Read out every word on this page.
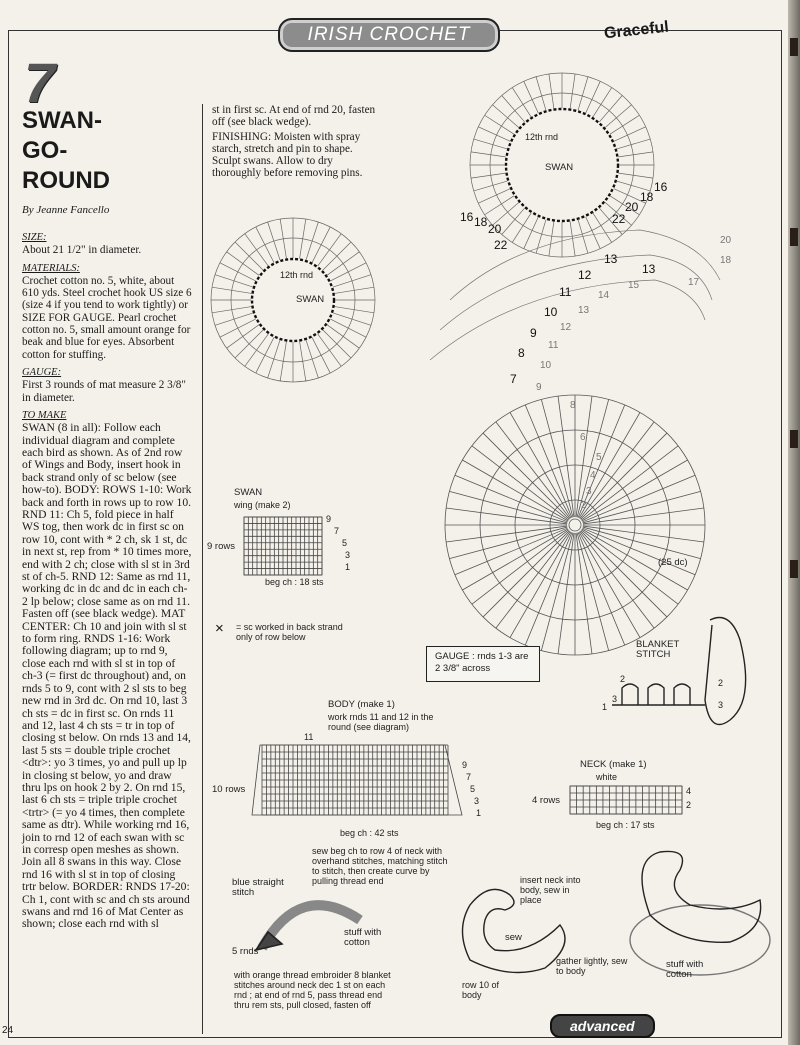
IRISH CROCHET	Graceful
7
SWAN-
GO-
ROUND
By Jeanne Fancello
SIZE:

About 21 1/2" in diameter.

MATERIALS:

Crochet cotton no. 5, white, about 610 yds. Steel crochet hook US size 6 (size 4 if you tend to work tightly) or SIZE FOR GAUGE. Pearl crochet cotton no. 5, small amount orange for beak and blue for eyes. Absorbent cotton for stuffing.

GAUGE:

First 3 rounds of mat measure 2 3/8" in diameter.

TO MAKE

SWAN (8 in all): Follow each individual diagram and complete each bird as shown. As of 2nd row of Wings and Body, insert hook in back strand only of sc below (see how-to). BODY: ROWS 1-10: Work back and forth in rows up to row 10. RND 11: Ch 5, fold piece in half WS tog, then work dc in first sc on row 10, cont with * 2 ch, sk 1 st, dc in next st, rep from * 10 times more, end with 2 ch; close with sl st in 3rd st of ch-5. RND 12: Same as rnd 11, working dc in dc and dc in each ch-2 lp below; close same as on rnd 11. Fasten off (see black wedge). MAT CENTER: Ch 10 and join with sl st to form ring. RNDS 1-16: Work following diagram; up to rnd 9, close each rnd with sl st in top of ch-3 (= first dc throughout) and, on rnds 5 to 9, cont with 2 sl sts to beg new rnd in 3rd dc. On rnd 10, last 3 ch sts = dc in first sc. On rnds 11 and 12, last 4 ch sts = tr in top of closing st below. On rnds 13 and 14, last 5 sts = double triple crochet <dtr>: yo 3 times, yo and pull up lp in closing st below, yo and draw thru lps on hook 2 by 2. On rnd 15, last 6 ch sts = triple triple crochet <trtr> (= yo 4 times, then complete same as dtr). While working rnd 16, join to rnd 12 of each swan with sc in corresp open meshes as shown. Join all 8 swans in this way. Close rnd 16 with sl st in top of closing trtr below. BORDER: RNDS 17-20: Ch 1, cont with sc and ch sts around swans and rnd 16 of Mat Center as shown; close each rnd with sl

st in first sc. At end of rnd 20, fasten off (see black wedge).

FINISHING: Moisten with spray starch, stretch and pin to shape. Sculpt swans. Allow to dry thoroughly before removing pins.

12th rnd
SWAN
12th rnd
SWAN
16 18 20
22
16
18
20
22
13
13
12
11
10
9
8
7
17
18
20
15
14
13
12
11
10
9
8
6
5
4
3
2
(25 dc)
SWAN
wing (make 2)
9 rows
beg ch : 18 sts
9
7
5
3
1
× = sc worked in back strand only of row below
GAUGE : rnds 1-3 are 2 3/8" across
BLANKET STITCH
2
3
1
2
3
BODY (make 1)
work rnds 11 and 12 in the round (see diagram)
10 rows
beg ch : 42 sts
11
9
7
5
3
1
NECK (make 1)
white
4 rows
beg ch : 17 sts
4
2
sew beg ch to row 4 of neck with overhand stitches, matching stitch to stitch, then create curve by pulling thread end
blue straight stitch
5 rnds
stuff with cotton
with orange thread embroider 8 blanket stitches around neck dec 1 st on each rnd ; at end of rnd 5, pass thread end thru rem sts, pull closed, fasten off
insert neck into body, sew in place
sew
row 10 of body
gather lightly, sew to body
stuff with cotton
advanced
24
